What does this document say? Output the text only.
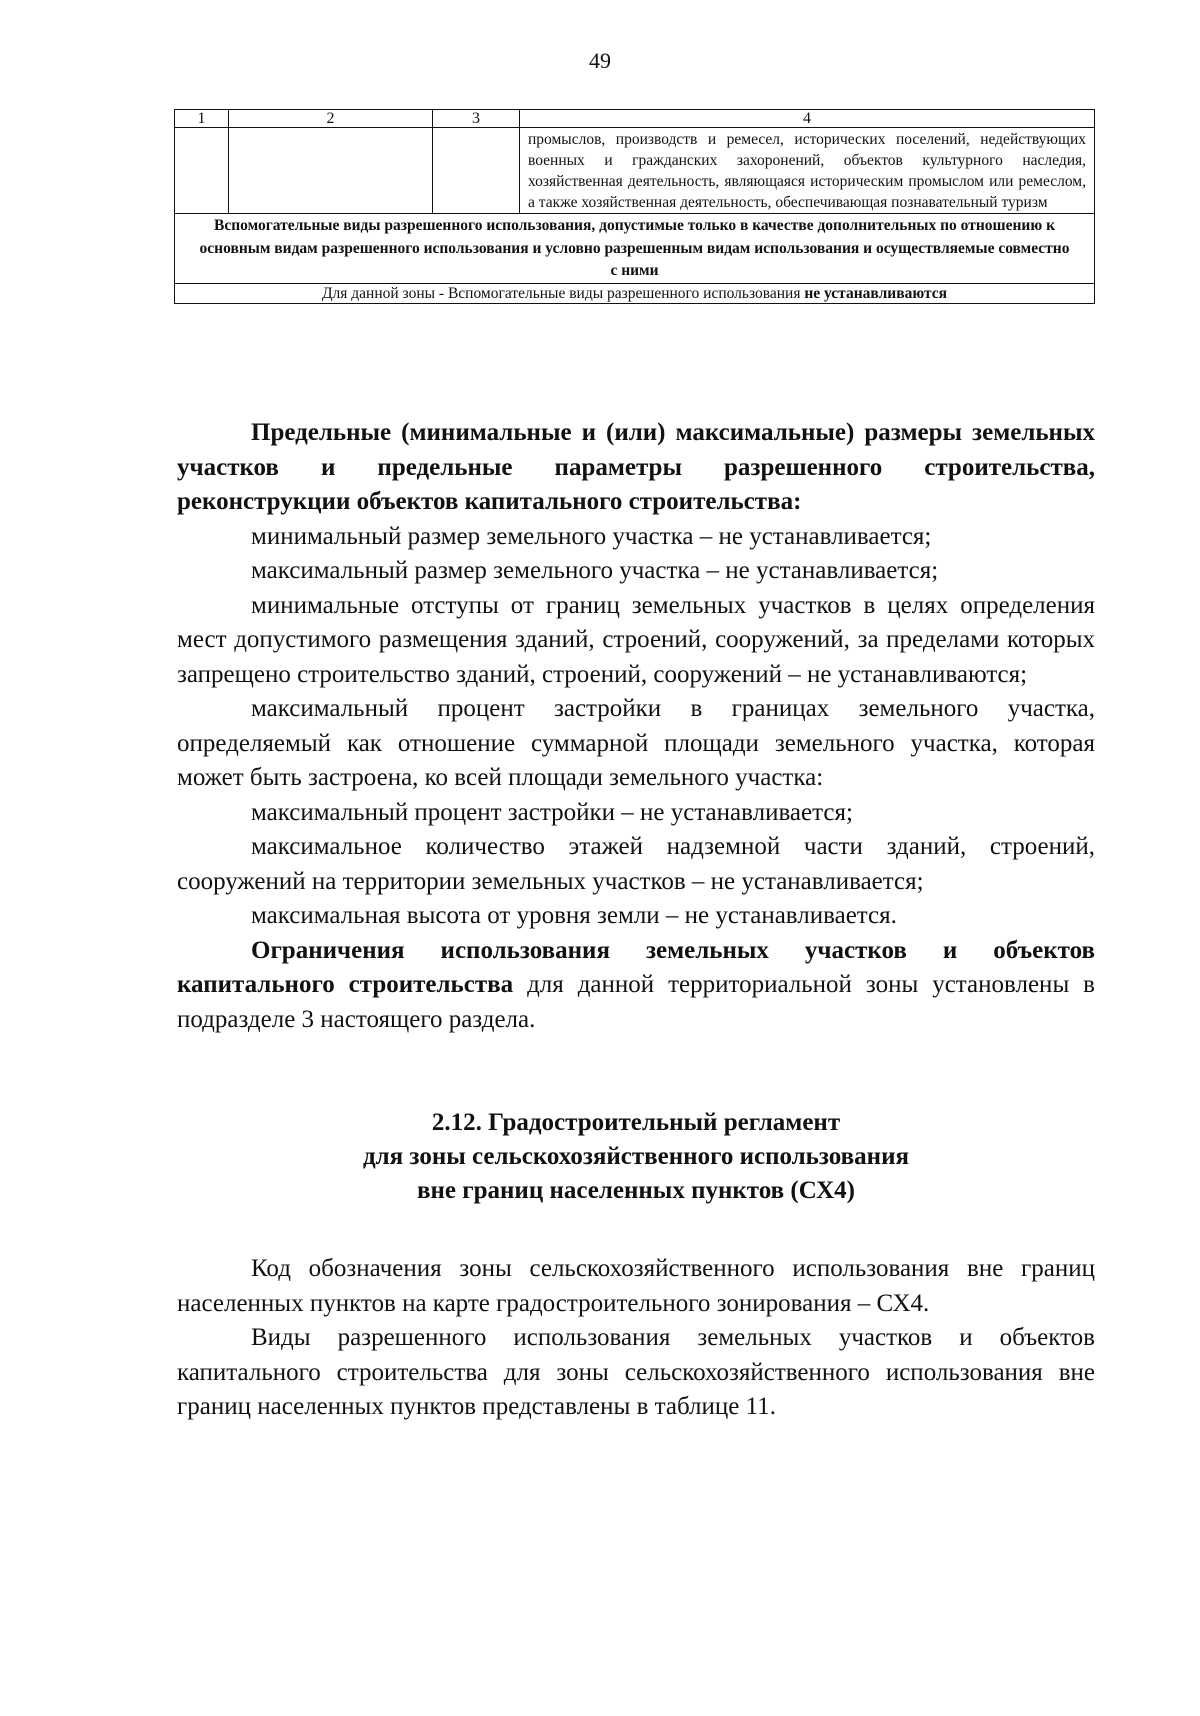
49
1	2	3	4
			промыслов, производств и ремесел, исторических поселений, недействующих военных и гражданских захоронений, объектов культурного наследия, хозяйственная деятельность, являющаяся историческим промыслом или ремеслом, а также хозяйственная деятельность, обеспечивающая познавательный туризм
Вспомогательные виды разрешенного использования, допустимые только в качестве дополнительных по отношению к основным видам разрешенного использования и условно разрешенным видам использования и осуществляемые совместно с ними			
Для данной зоны - Вспомогательные виды разрешенного использования не устанавливаются			

Предельные (минимальные и (или) максимальные) размеры земельных участков и предельные параметры разрешенного строительства, реконструкции объектов капитального строительства:

минимальный размер земельного участка – не устанавливается;

максимальный размер земельного участка – не устанавливается;

минимальные отступы от границ земельных участков в целях определения мест допустимого размещения зданий, строений, сооружений, за пределами которых запрещено строительство зданий, строений, сооружений – не устанавливаются;

максимальный процент застройки в границах земельного участка, определяемый как отношение суммарной площади земельного участка, которая может быть застроена, ко всей площади земельного участка:

максимальный процент застройки – не устанавливается;

максимальное количество этажей надземной части зданий, строений, сооружений на территории земельных участков – не устанавливается;

максимальная высота от уровня земли – не устанавливается.

Ограничения использования земельных участков и объектов капитального строительства для данной территориальной зоны установлены в подразделе 3 настоящего раздела.

2.12. Градостроительный регламент
для зоны сельскохозяйственного использования
вне границ населенных пунктов (СХ4)

Код обозначения зоны сельскохозяйственного использования вне границ населенных пунктов на карте градостроительного зонирования – СХ4.

Виды разрешенного использования земельных участков и объектов капитального строительства для зоны сельскохозяйственного использования вне границ населенных пунктов представлены в таблице 11.
